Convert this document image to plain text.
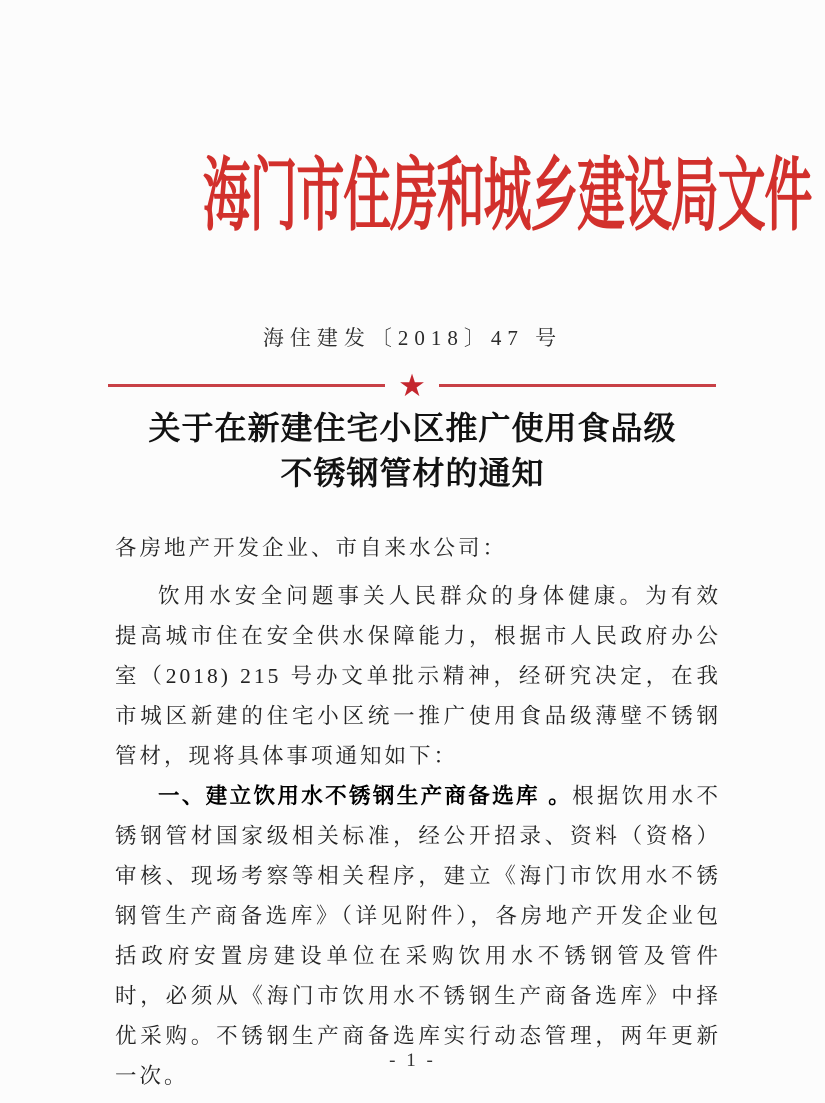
海门市住房和城乡建设局文件
海住建发〔2018〕47 号
★
关于在新建住宅小区推广使用食品级
不锈钢管材的通知

各房地产开发企业、市自来水公司：

饮用水安全问题事关人民群众的身体健康。为有效提高城市住在安全供水保障能力，根据市人民政府办公室（2018) 215 号办文单批示精神，经研究决定，在我市城区新建的住宅小区统一推广使用食品级薄壁不锈钢管材，现将具体事项通知如下：

一、建立饮用水不锈钢生产商备选库 。根据饮用水不锈钢管材国家级相关标准，经公开招录、资料（资格）审核、现场考察等相关程序，建立《海门市饮用水不锈钢管生产商备选库》（详见附件），各房地产开发企业包括政府安置房建设单位在采购饮用水不锈钢管及管件时，必须从《海门市饮用水不锈钢生产商备选库》中择优采购。不锈钢生产商备选库实行动态管理，两年更新一次。

- 1 -
